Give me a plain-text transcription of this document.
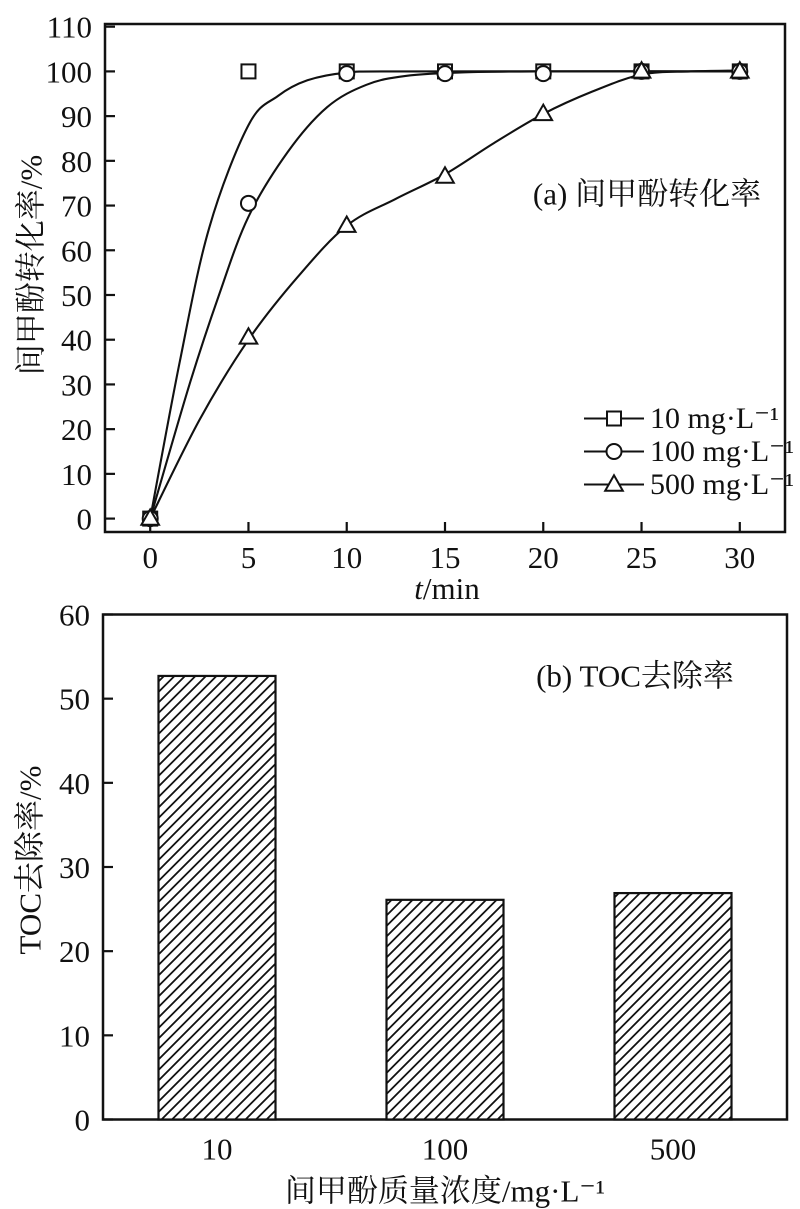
0	5 10 15 20 25 30
0
10
20
30
40
50
60
70
80
90
100
110
0
10
20
30
40
50
60
10	100	500
(a) 间甲酚转化率
间甲酚转化率/%
t/min
10 mg·L⁻¹
100 mg·L⁻¹
500 mg·L⁻¹
(b) TOC去除率
TOC去除率/%
间甲酚质量浓度/mg·L⁻¹
